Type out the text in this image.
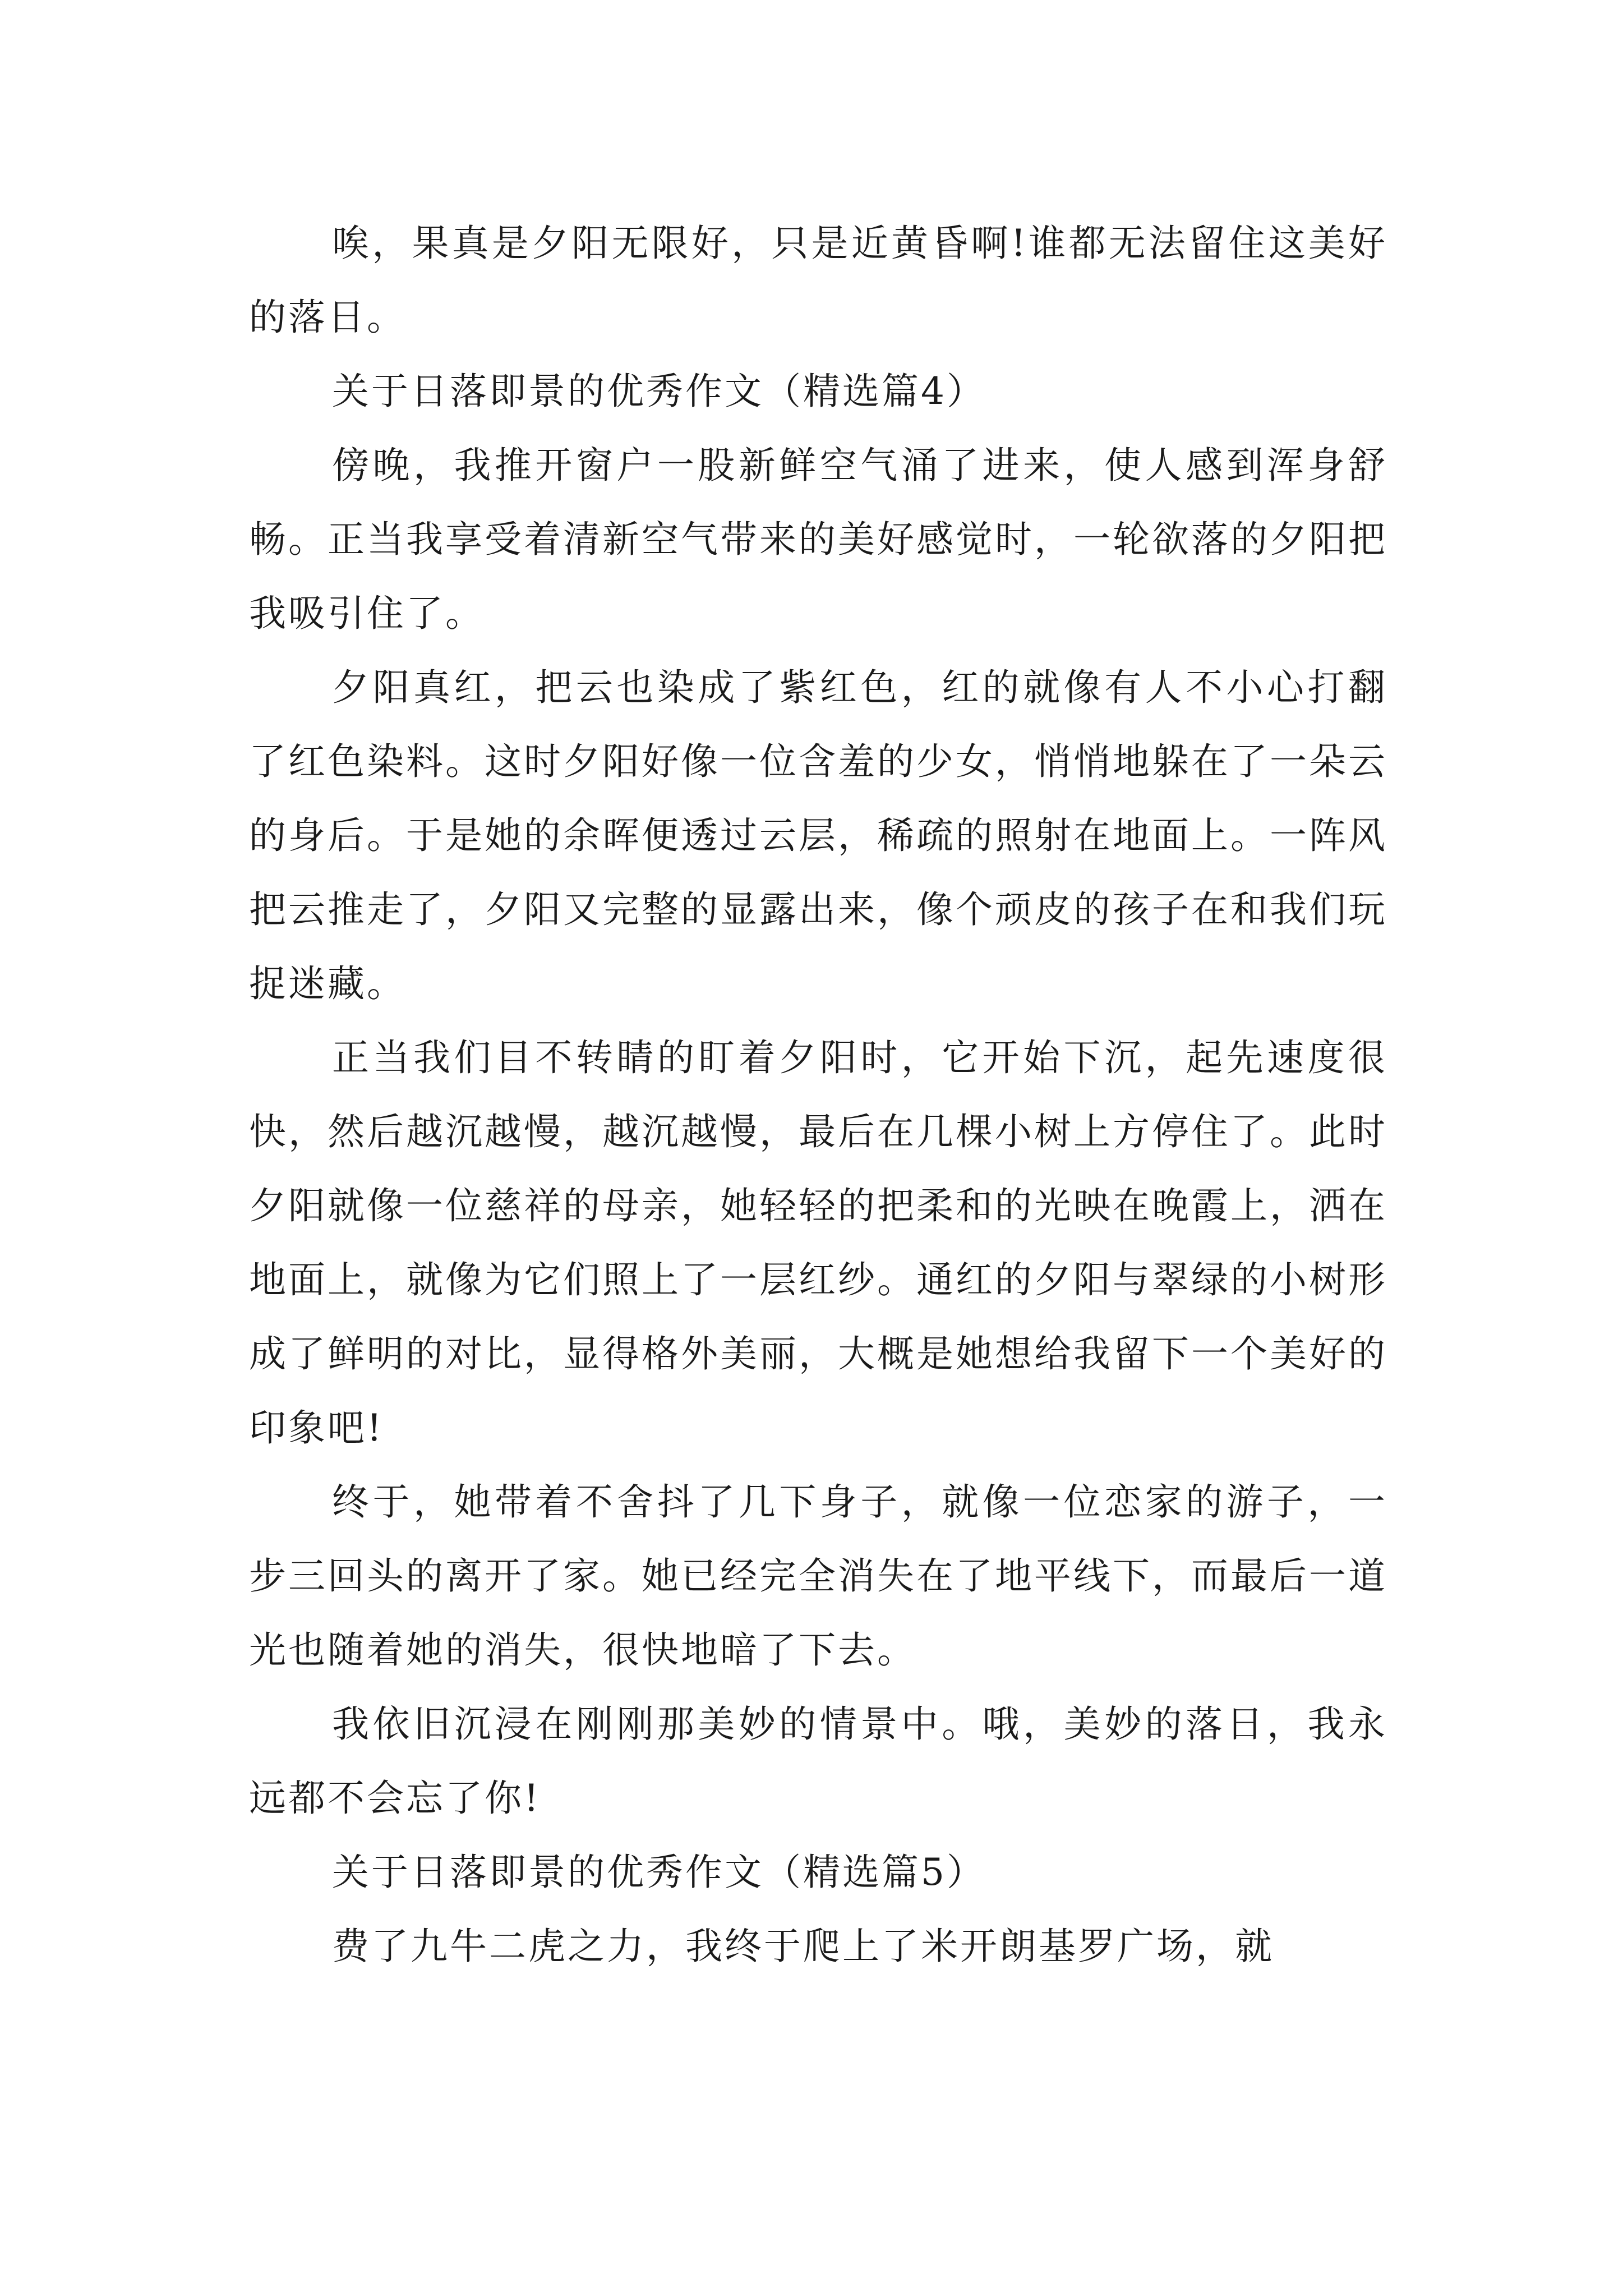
唉，果真是夕阳无限好，只是近黄昏啊!谁都无法留住这美好的落日。

关于日落即景的优秀作文（精选篇4）

傍晚，我推开窗户一股新鲜空气涌了进来，使人感到浑身舒畅。正当我享受着清新空气带来的美好感觉时，一轮欲落的夕阳把我吸引住了。

夕阳真红，把云也染成了紫红色，红的就像有人不小心打翻了红色染料。这时夕阳好像一位含羞的少女，悄悄地躲在了一朵云的身后。于是她的余晖便透过云层，稀疏的照射在地面上。一阵风把云推走了，夕阳又完整的显露出来，像个顽皮的孩子在和我们玩捉迷藏。

正当我们目不转睛的盯着夕阳时，它开始下沉，起先速度很快，然后越沉越慢，越沉越慢，最后在几棵小树上方停住了。此时夕阳就像一位慈祥的母亲，她轻轻的把柔和的光映在晚霞上，洒在地面上，就像为它们照上了一层红纱。通红的夕阳与翠绿的小树形成了鲜明的对比，显得格外美丽，大概是她想给我留下一个美好的印象吧!

终于，她带着不舍抖了几下身子，就像一位恋家的游子，一步三回头的离开了家。她已经完全消失在了地平线下，而最后一道光也随着她的消失，很快地暗了下去。

我依旧沉浸在刚刚那美妙的情景中。哦，美妙的落日，我永远都不会忘了你!

关于日落即景的优秀作文（精选篇5）

费了九牛二虎之力，我终于爬上了米开朗基罗广场，就
